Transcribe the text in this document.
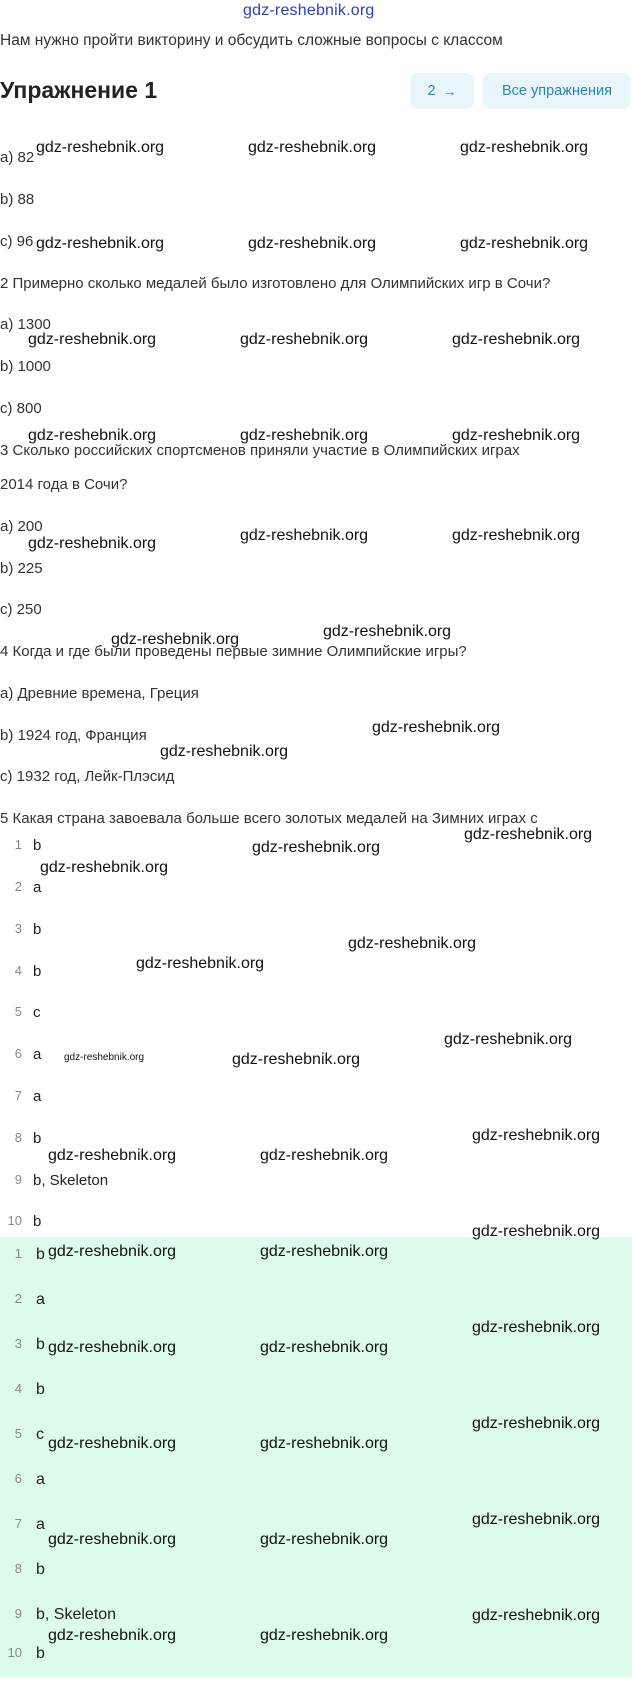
gdz-reshebnik.org
Нам нужно пройти викторину и обсудить сложные вопросы с классом
Упражнение 1	2 →	Все упражнения
а) 82
b) 88
c) 96
2 Примерно сколько медалей было изготовлено для Олимпийских игр в Сочи?
а) 1300
b) 1000
c) 800
3 Сколько российских спортсменов приняли участие в Олимпийских играх
2014 года в Сочи?
а) 200
b) 225
c) 250
4 Когда и где были проведены первые зимние Олимпийские игры?
а) Древние времена, Греция
b) 1924 год, Франция
c) 1932 год, Лейк-Плэсид
5 Какая страна завоевала больше всего золотых медалей на Зимних играх с
1 b
2 a
3 b
4 b
5 c
6 a
7 a
8 b
9 b, Skeleton
10 b
1 b
2 a
3 b
4 b
5 c
6 a
7 a
8 b
9 b, Skeleton
10 b
gdz-reshebnik.org	gdz-reshebnik.org	gdz-reshebnik.org
gdz-reshebnik.org	gdz-reshebnik.org	gdz-reshebnik.org
gdz-reshebnik.org	gdz-reshebnik.org	gdz-reshebnik.org
gdz-reshebnik.org	gdz-reshebnik.org	gdz-reshebnik.org
gdz-reshebnik.org	gdz-reshebnik.org	gdz-reshebnik.org
gdz-reshebnik.org	gdz-reshebnik.org
gdz-reshebnik.org
gdz-reshebnik.org
gdz-reshebnik.org
gdz-reshebnik.org
gdz-reshebnik.org
gdz-reshebnik.org
gdz-reshebnik.org
gdz-reshebnik.org
gdz-reshebnik.org	gdz-reshebnik.org
gdz-reshebnik.org
gdz-reshebnik.org	gdz-reshebnik.org
gdz-reshebnik.org
gdz-reshebnik.org	gdz-reshebnik.org
gdz-reshebnik.org
gdz-reshebnik.org	gdz-reshebnik.org
gdz-reshebnik.org
gdz-reshebnik.org	gdz-reshebnik.org
gdz-reshebnik.org
gdz-reshebnik.org	gdz-reshebnik.org
gdz-reshebnik.org
gdz-reshebnik.org	gdz-reshebnik.org
